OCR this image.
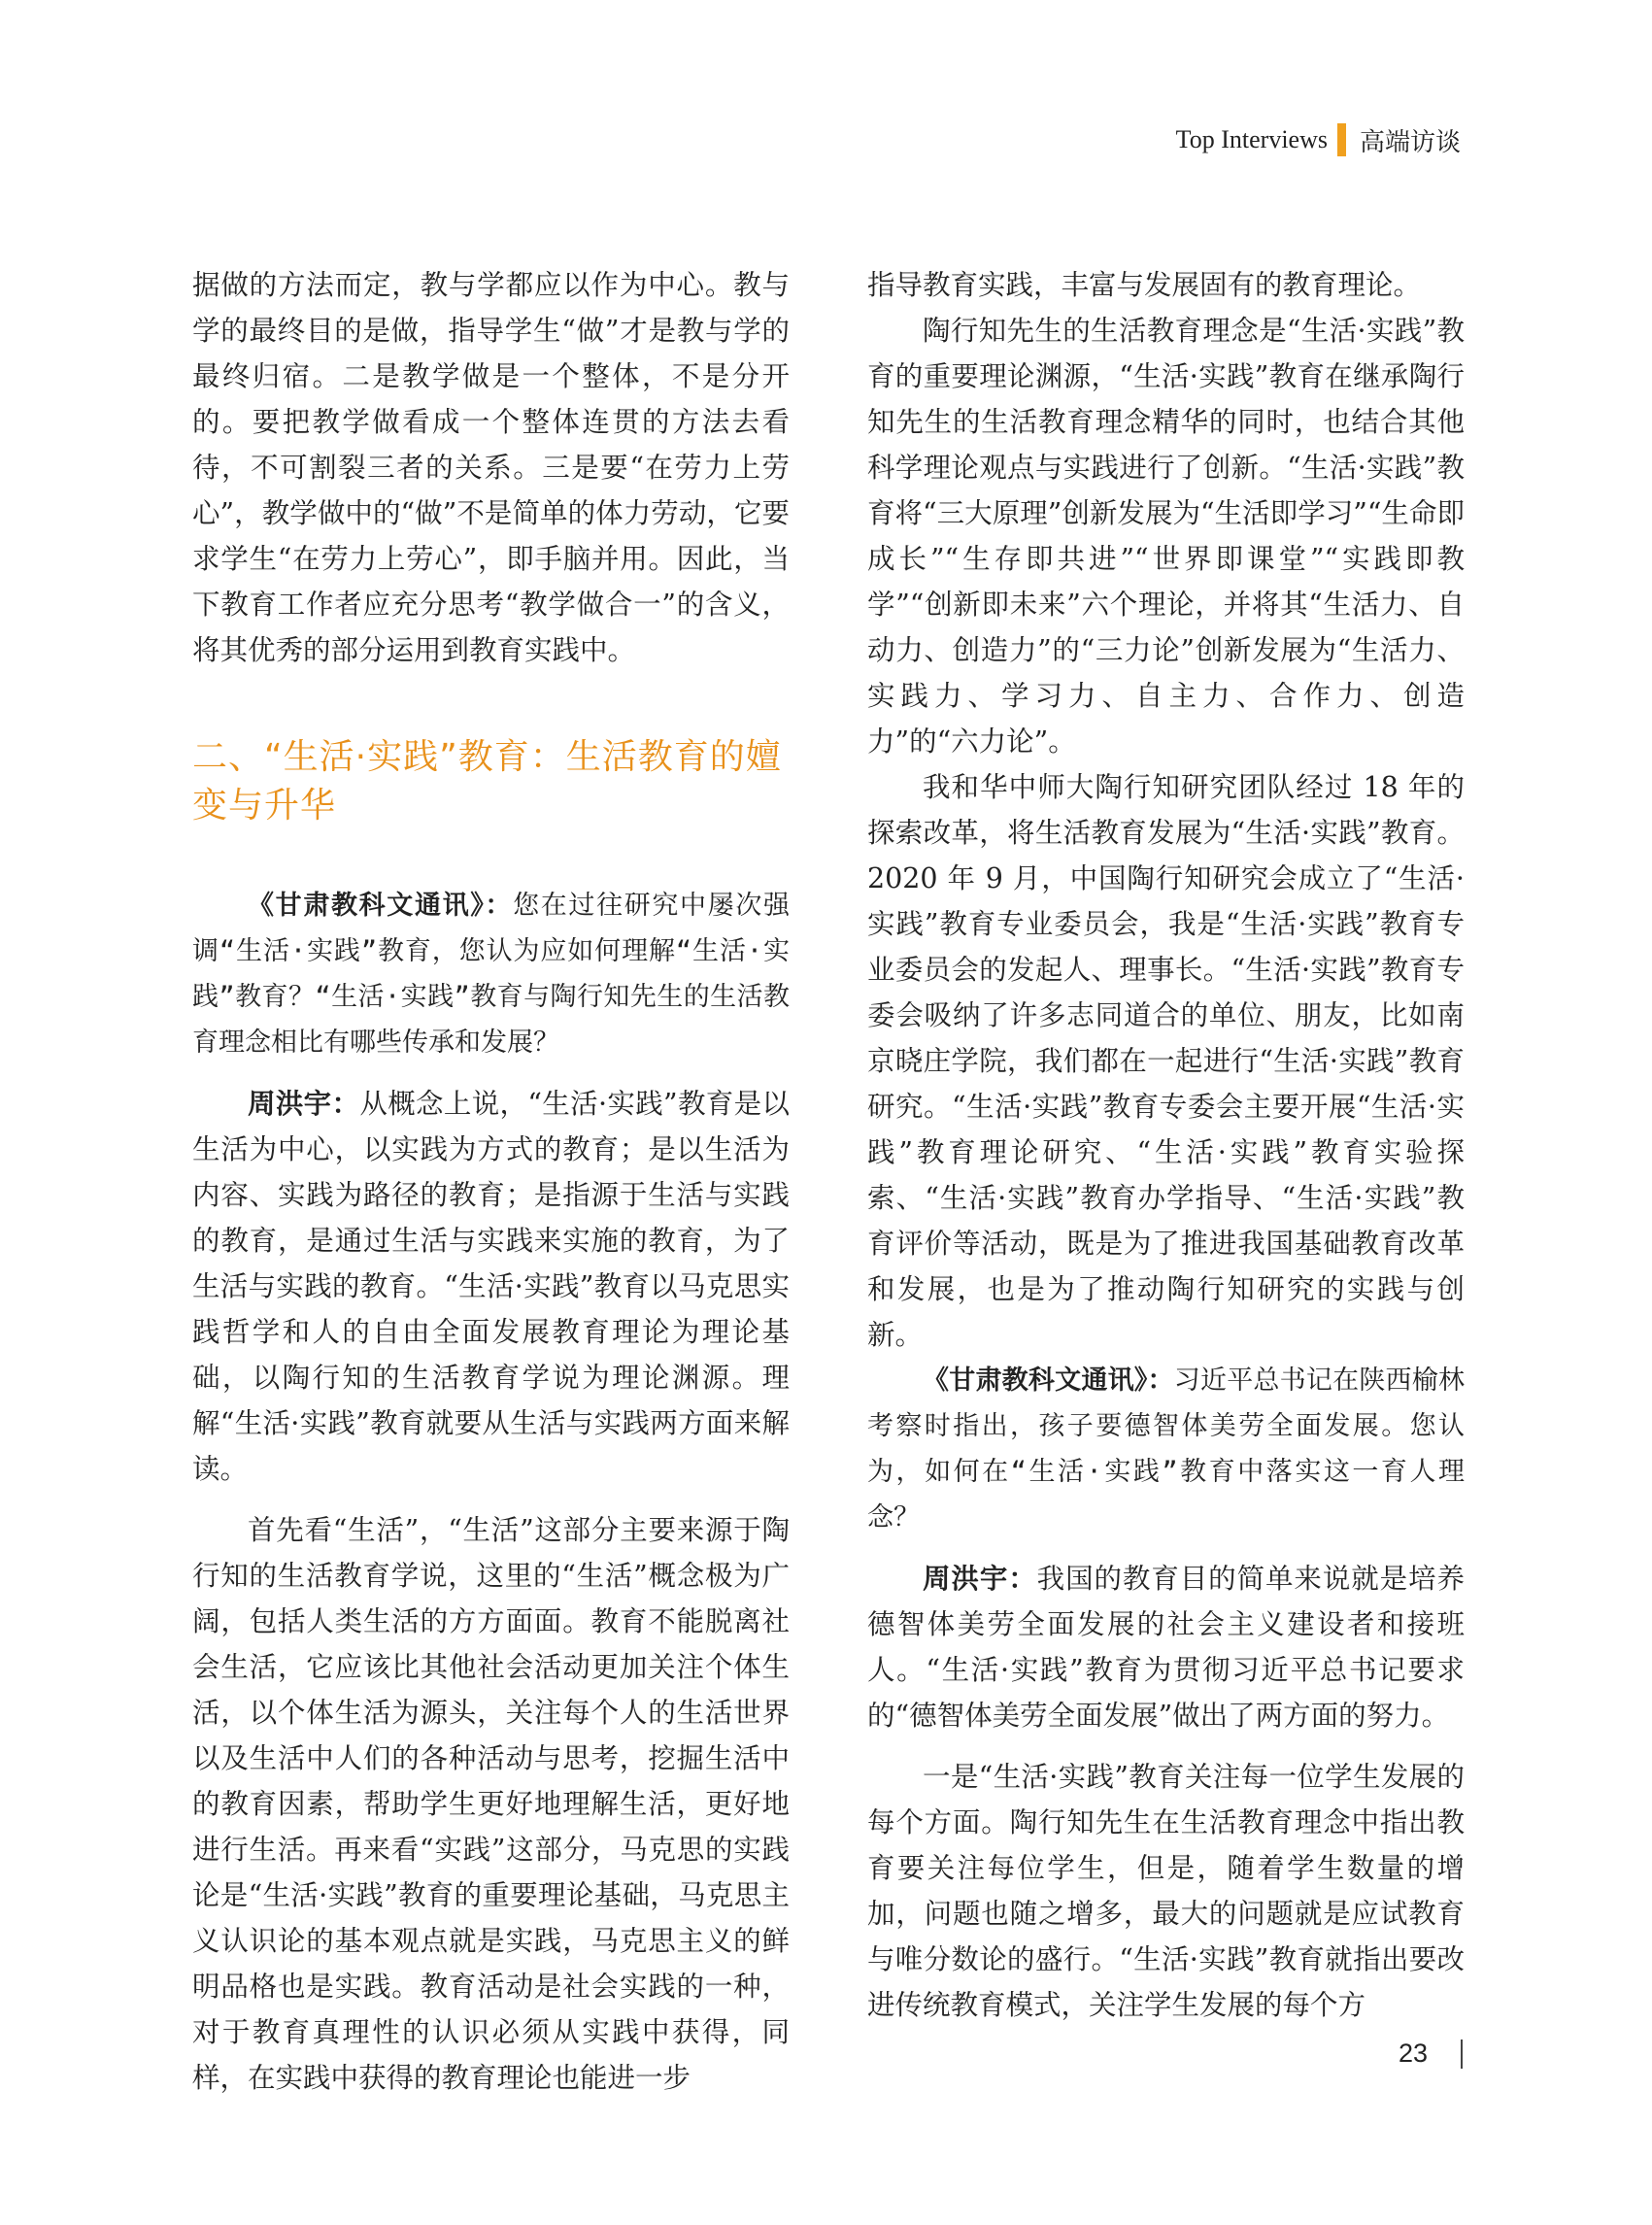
Top Interviews 高端访谈

据做的方法而定，教与学都应以作为中心。教与学的最终目的是做，指导学生“做”才是教与学的最终归宿。二是教学做是一个整体，不是分开的。要把教学做看成一个整体连贯的方法去看待，不可割裂三者的关系。三是要“在劳力上劳心”，教学做中的“做”不是简单的体力劳动，它要求学生“在劳力上劳心”，即手脑并用。因此，当下教育工作者应充分思考“教学做合一”的含义，将其优秀的部分运用到教育实践中。

二、“生活·实践”教育：生活教育的嬗变与升华

《甘肃教科文通讯》：您在过往研究中屡次强调“生活·实践”教育，您认为应如何理解“生活·实践”教育？“生活·实践”教育与陶行知先生的生活教育理念相比有哪些传承和发展？

周洪宇：从概念上说，“生活·实践”教育是以生活为中心，以实践为方式的教育；是以生活为内容、实践为路径的教育；是指源于生活与实践的教育，是通过生活与实践来实施的教育，为了生活与实践的教育。“生活·实践”教育以马克思实践哲学和人的自由全面发展教育理论为理论基础，以陶行知的生活教育学说为理论渊源。理解“生活·实践”教育就要从生活与实践两方面来解读。

首先看“生活”，“生活”这部分主要来源于陶行知的生活教育学说，这里的“生活”概念极为广阔，包括人类生活的方方面面。教育不能脱离社会生活，它应该比其他社会活动更加关注个体生活，以个体生活为源头，关注每个人的生活世界以及生活中人们的各种活动与思考，挖掘生活中的教育因素，帮助学生更好地理解生活，更好地进行生活。再来看“实践”这部分，马克思的实践论是“生活·实践”教育的重要理论基础，马克思主义认识论的基本观点就是实践，马克思主义的鲜明品格也是实践。教育活动是社会实践的一种，对于教育真理性的认识必须从实践中获得，同样，在实践中获得的教育理论也能进一步

指导教育实践，丰富与发展固有的教育理论。

陶行知先生的生活教育理念是“生活·实践”教育的重要理论渊源，“生活·实践”教育在继承陶行知先生的生活教育理念精华的同时，也结合其他科学理论观点与实践进行了创新。“生活·实践”教育将“三大原理”创新发展为“生活即学习”“生命即成长”“生存即共进”“世界即课堂”“实践即教学”“创新即未来”六个理论，并将其“生活力、自动力、创造力”的“三力论”创新发展为“生活力、实践力、学习力、自主力、合作力、创造力”的“六力论”。

我和华中师大陶行知研究团队经过 18 年的探索改革，将生活教育发展为“生活·实践”教育。2020 年 9 月，中国陶行知研究会成立了“生活·实践”教育专业委员会，我是“生活·实践”教育专业委员会的发起人、理事长。“生活·实践”教育专委会吸纳了许多志同道合的单位、朋友，比如南京晓庄学院，我们都在一起进行“生活·实践”教育研究。“生活·实践”教育专委会主要开展“生活·实践”教育理论研究、“生活·实践”教育实验探索、“生活·实践”教育办学指导、“生活·实践”教育评价等活动，既是为了推进我国基础教育改革和发展，也是为了推动陶行知研究的实践与创新。

《甘肃教科文通讯》：习近平总书记在陕西榆林考察时指出，孩子要德智体美劳全面发展。您认为，如何在“生活·实践”教育中落实这一育人理念？

周洪宇：我国的教育目的简单来说就是培养德智体美劳全面发展的社会主义建设者和接班人。“生活·实践”教育为贯彻习近平总书记要求的“德智体美劳全面发展”做出了两方面的努力。

一是“生活·实践”教育关注每一位学生发展的每个方面。陶行知先生在生活教育理念中指出教育要关注每位学生，但是，随着学生数量的增加，问题也随之增多，最大的问题就是应试教育与唯分数论的盛行。“生活·实践”教育就指出要改进传统教育模式，关注学生发展的每个方

23
